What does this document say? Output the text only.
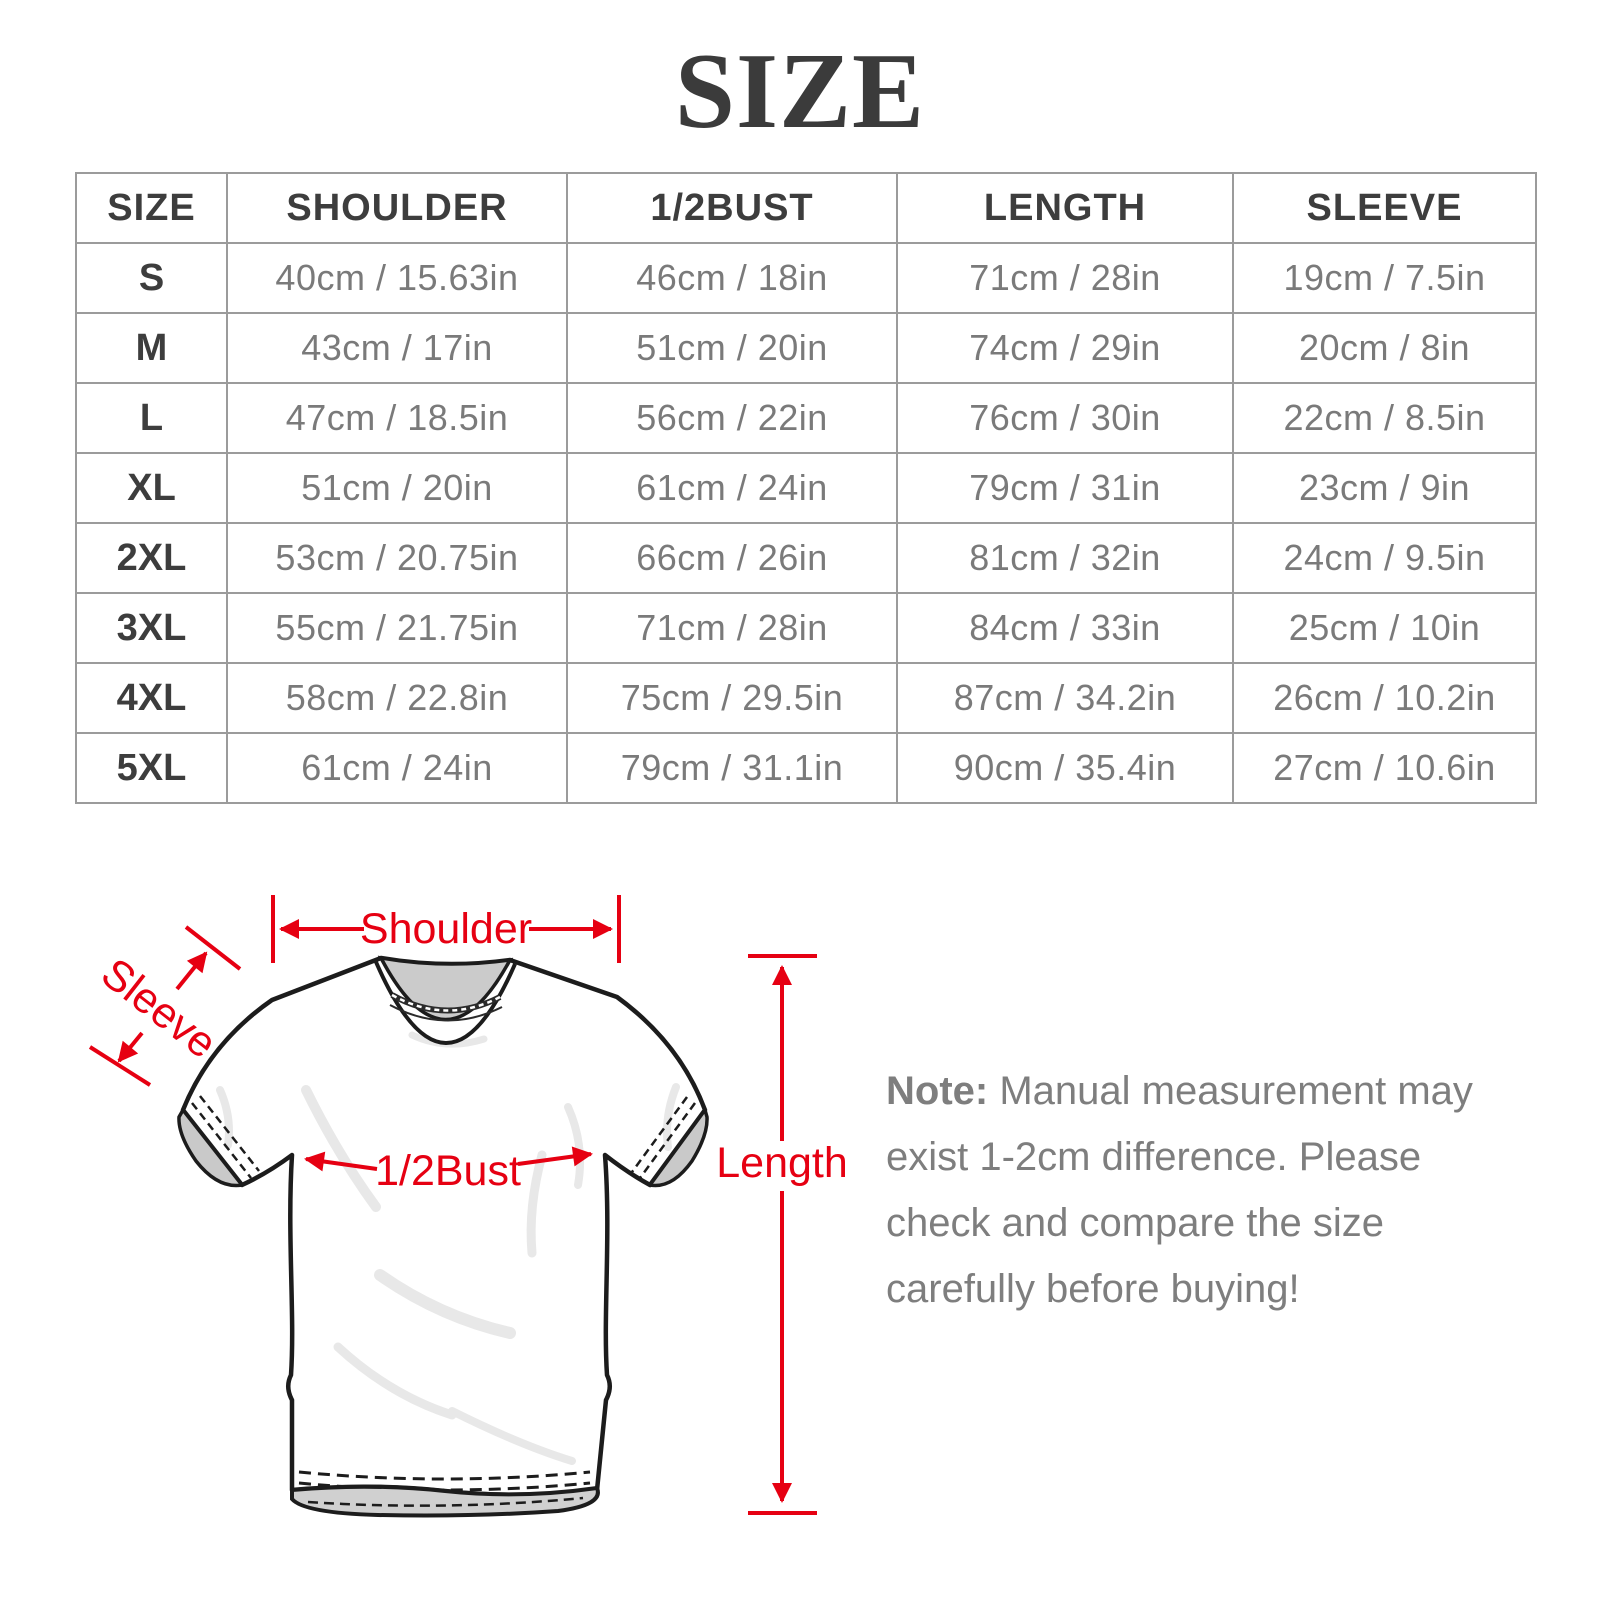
SIZE
SIZE	SHOULDER	1/2BUST	LENGTH	SLEEVE
S	40cm / 15.63in	46cm / 18in	71cm / 28in	19cm / 7.5in
M	43cm / 17in	51cm / 20in	74cm / 29in	20cm / 8in
L	47cm / 18.5in	56cm / 22in	76cm / 30in	22cm / 8.5in
XL	51cm / 20in	61cm / 24in	79cm / 31in	23cm / 9in
2XL	53cm / 20.75in	66cm / 26in	81cm / 32in	24cm / 9.5in
3XL	55cm / 21.75in	71cm / 28in	84cm / 33in	25cm / 10in
4XL	58cm / 22.8in	75cm / 29.5in	87cm / 34.2in	26cm / 10.2in
5XL	61cm / 24in	79cm / 31.1in	90cm / 35.4in	27cm / 10.6in
Shoulder
Sleeve
1/2Bust	Length
Note: Manual measurement may
exist 1-2cm difference. Please
check and compare the size
carefully before buying!
